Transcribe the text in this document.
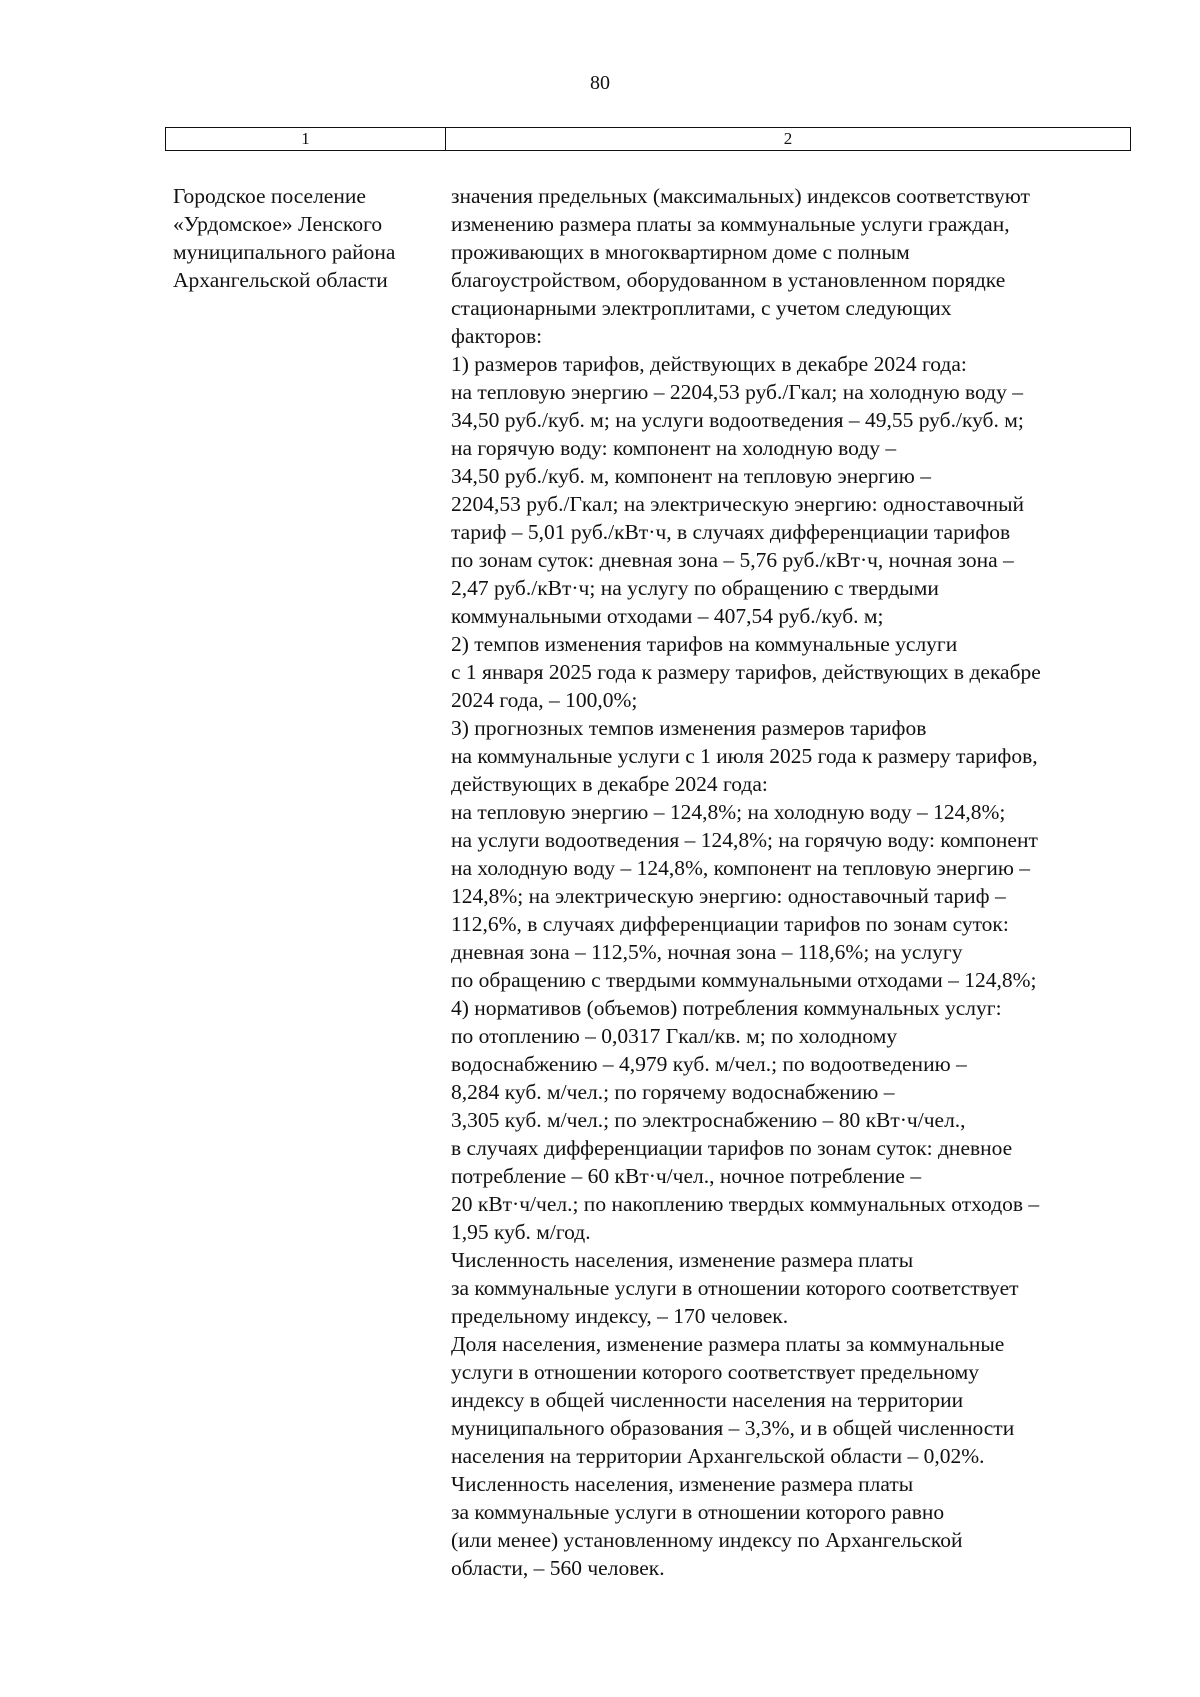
80
1	2
Городское поселение
«Урдомское» Ленского
муниципального района
Архангельской области
значения предельных (максимальных) индексов соответствуют
изменению размера платы за коммунальные услуги граждан,
проживающих в многоквартирном доме с полным
благоустройством, оборудованном в установленном порядке
стационарными электроплитами, с учетом следующих
факторов:
1) размеров тарифов, действующих в декабре 2024 года:
на тепловую энергию – 2204,53 руб./Гкал; на холодную воду –
34,50 руб./куб. м; на услуги водоотведения – 49,55 руб./куб. м;
на горячую воду: компонент на холодную воду –
34,50 руб./куб. м, компонент на тепловую энергию –
2204,53 руб./Гкал; на электрическую энергию: одноставочный
тариф – 5,01 руб./кВт·ч, в случаях дифференциации тарифов
по зонам суток: дневная зона – 5,76 руб./кВт·ч, ночная зона –
2,47 руб./кВт·ч; на услугу по обращению с твердыми
коммунальными отходами – 407,54 руб./куб. м;
2) темпов изменения тарифов на коммунальные услуги
с 1 января 2025 года к размеру тарифов, действующих в декабре
2024 года, – 100,0%;
3) прогнозных темпов изменения размеров тарифов
на коммунальные услуги с 1 июля 2025 года к размеру тарифов,
действующих в декабре 2024 года:
на тепловую энергию – 124,8%; на холодную воду – 124,8%;
на услуги водоотведения – 124,8%; на горячую воду: компонент
на холодную воду – 124,8%, компонент на тепловую энергию –
124,8%; на электрическую энергию: одноставочный тариф –
112,6%, в случаях дифференциации тарифов по зонам суток:
дневная зона – 112,5%, ночная зона – 118,6%; на услугу
по обращению с твердыми коммунальными отходами – 124,8%;
4) нормативов (объемов) потребления коммунальных услуг:
по отоплению – 0,0317 Гкал/кв. м; по холодному
водоснабжению – 4,979 куб. м/чел.; по водоотведению –
8,284 куб. м/чел.; по горячему водоснабжению –
3,305 куб. м/чел.; по электроснабжению – 80 кВт·ч/чел.,
в случаях дифференциации тарифов по зонам суток: дневное
потребление – 60 кВт·ч/чел., ночное потребление –
20 кВт·ч/чел.; по накоплению твердых коммунальных отходов –
1,95 куб. м/год.
Численность населения, изменение размера платы
за коммунальные услуги в отношении которого соответствует
предельному индексу, – 170 человек.
Доля населения, изменение размера платы за коммунальные
услуги в отношении которого соответствует предельному
индексу в общей численности населения на территории
муниципального образования – 3,3%, и в общей численности
населения на территории Архангельской области – 0,02%.
Численность населения, изменение размера платы
за коммунальные услуги в отношении которого равно
(или менее) установленному индексу по Архангельской
области, – 560 человек.
